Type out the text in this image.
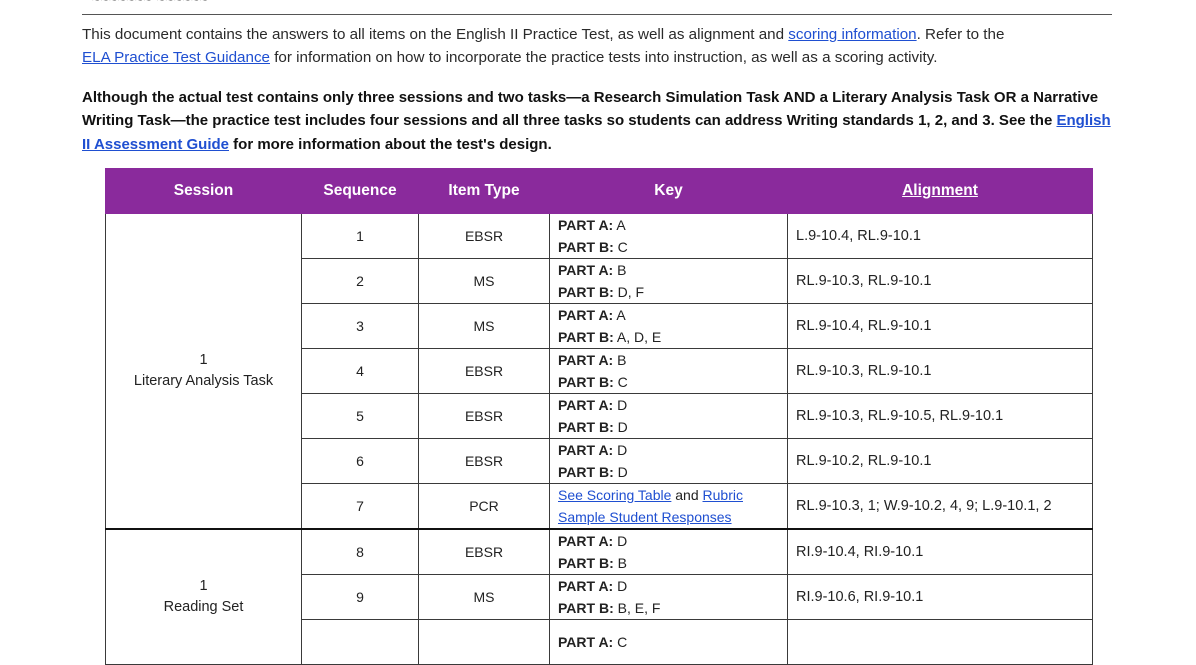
This document contains the answers to all items on the English II Practice Test, as well as alignment and scoring information. Refer to the
ELA Practice Test Guidance for information on how to incorporate the practice tests into instruction, as well as a scoring activity.

Although the actual test contains only three sessions and two tasks—a Research Simulation Task AND a Literary Analysis Task OR a Narrative Writing Task—the practice test includes four sessions and all three tasks so students can address Writing standards 1, 2, and 3. See the English II Assessment Guide for more information about the test's design.

Session	Sequence	Item Type	Key	Alignment
1
Literary Analysis Task	1	EBSR	PART A: A
PART B: C	L.9-10.4, RL.9-10.1
	2	MS	PART A: B
PART B: D, F	RL.9-10.3, RL.9-10.1
	3	MS	PART A: A
PART B: A, D, E	RL.9-10.4, RL.9-10.1
	4	EBSR	PART A: B
PART B: C	RL.9-10.3, RL.9-10.1
	5	EBSR	PART A: D
PART B: D	RL.9-10.3, RL.9-10.5, RL.9-10.1
	6	EBSR	PART A: D
PART B: D	RL.9-10.2, RL.9-10.1
	7	PCR	See Scoring Table and Rubric
Sample Student Responses	RL.9-10.3, 1; W.9-10.2, 4, 9; L.9-10.1, 2
1
Reading Set	8	EBSR	PART A: D
PART B: B	RI.9-10.4, RI.9-10.1
	9	MS	PART A: D
PART B: B, E, F	RI.9-10.6, RI.9-10.1
			PART A: C	
